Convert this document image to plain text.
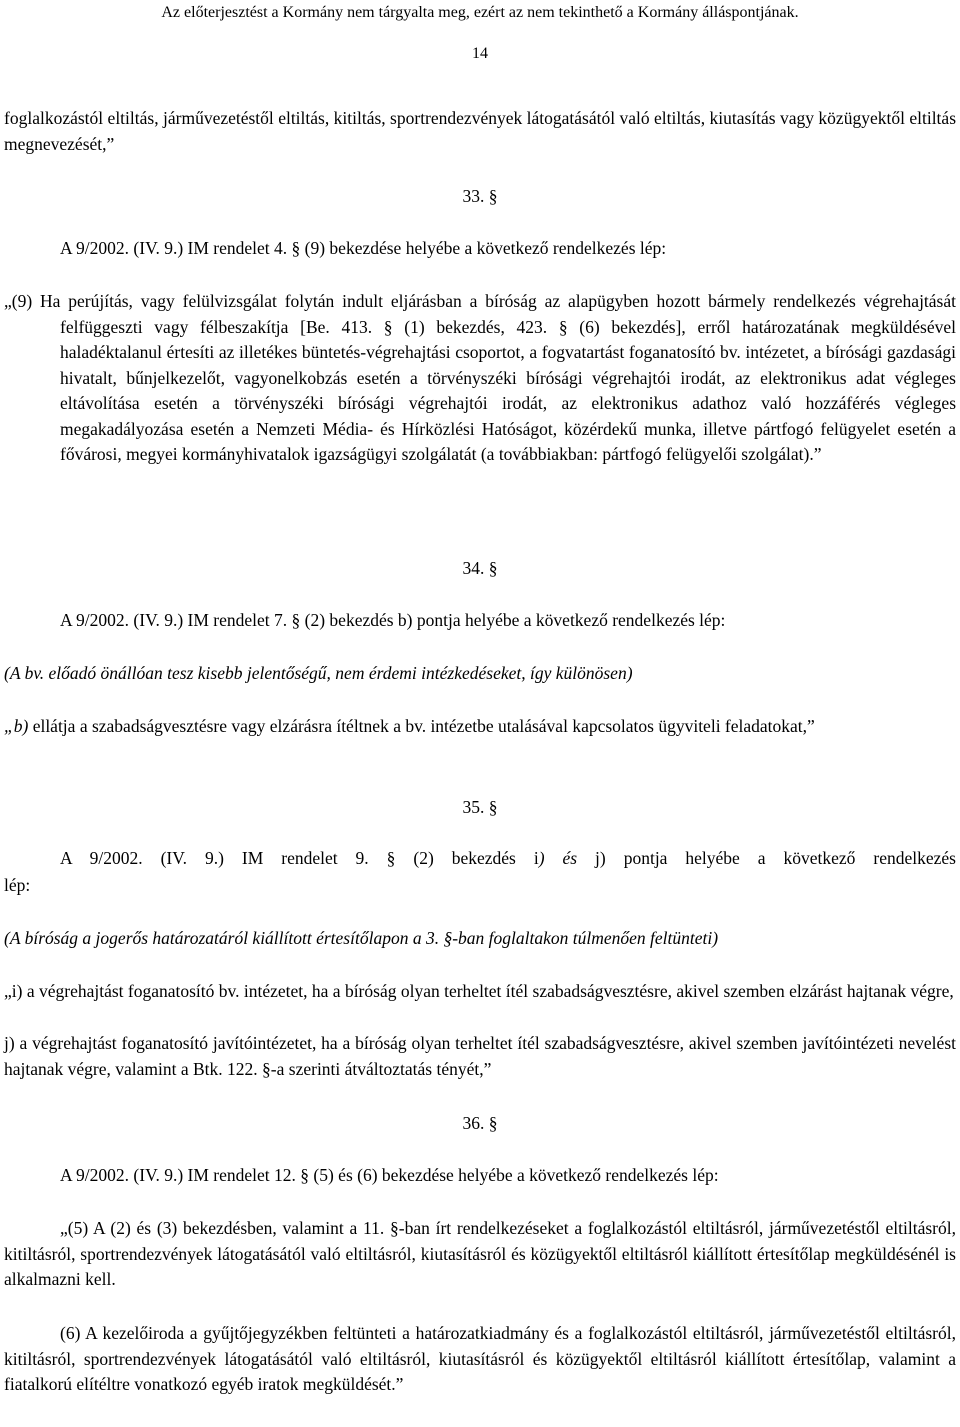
Az előterjesztést a Kormány nem tárgyalta meg, ezért az nem tekinthető a Kormány álláspontjának.
14
foglalkozástól eltiltás, járművezetéstől eltiltás, kitiltás, sportrendezvények látogatásától való eltiltás, kiutasítás vagy közügyektől eltiltás megnevezését,”
33. §
A 9/2002. (IV. 9.) IM rendelet 4. § (9) bekezdése helyébe a következő rendelkezés lép:
„(9) Ha perújítás, vagy felülvizsgálat folytán indult eljárásban a bíróság az alapügyben hozott bármely rendelkezés végrehajtását felfüggeszti vagy félbeszakítja [Be. 413. § (1) bekezdés, 423. § (6) bekezdés], erről határozatának megküldésével haladéktalanul értesíti az illetékes büntetés-végrehajtási csoportot, a fogvatartást foganatosító bv. intézetet, a bírósági gazdasági hivatalt, bűnjelkezelőt, vagyonelkobzás esetén a törvényszéki bírósági végrehajtói irodát, az elektronikus adat végleges eltávolítása esetén a törvényszéki bírósági végrehajtói irodát, az elektronikus adathoz való hozzáférés végleges megakadályozása esetén a Nemzeti Média- és Hírközlési Hatóságot, közérdekű munka, illetve pártfogó felügyelet esetén a fővárosi, megyei kormányhivatalok igazságügyi szolgálatát (a továbbiakban: pártfogó felügyelői szolgálat).”
34. §
A 9/2002. (IV. 9.) IM rendelet 7. § (2) bekezdés b) pontja helyébe a következő rendelkezés lép:
(A bv. előadó önállóan tesz kisebb jelentőségű, nem érdemi intézkedéseket, így különösen)
„b) ellátja a szabadságvesztésre vagy elzárásra ítéltnek a bv. intézetbe utalásával kapcsolatos ügyviteli feladatokat,”
35. §
A 9/2002. (IV. 9.) IM rendelet 9. § (2) bekezdés i) és j) pontja helyébe a következő rendelkezés
lép:
(A bíróság a jogerős határozatáról kiállított értesítőlapon a 3. §-ban foglaltakon túlmenően feltünteti)
„i) a végrehajtást foganatosító bv. intézetet, ha a bíróság olyan terheltet ítél szabadságvesztésre, akivel szemben elzárást hajtanak végre,
j) a végrehajtást foganatosító javítóintézetet, ha a bíróság olyan terheltet ítél szabadságvesztésre, akivel szemben javítóintézeti nevelést hajtanak végre, valamint a Btk. 122. §-a szerinti átváltoztatás tényét,”
36. §
A 9/2002. (IV. 9.) IM rendelet 12. § (5) és (6) bekezdése helyébe a következő rendelkezés lép:
„(5) A (2) és (3) bekezdésben, valamint a 11. §-ban írt rendelkezéseket a foglalkozástól eltiltásról, járművezetéstől eltiltásról, kitiltásról, sportrendezvények látogatásától való eltiltásról, kiutasításról és közügyektől eltiltásról kiállított értesítőlap megküldésénél is alkalmazni kell.
(6) A kezelőiroda a gyűjtőjegyzékben feltünteti a határozatkiadmány és a foglalkozástól eltiltásról, járművezetéstől eltiltásról, kitiltásról, sportrendezvények látogatásától való eltiltásról, kiutasításról és közügyektől eltiltásról kiállított értesítőlap, valamint a fiatalkorú elítéltre vonatkozó egyéb iratok megküldését.”
